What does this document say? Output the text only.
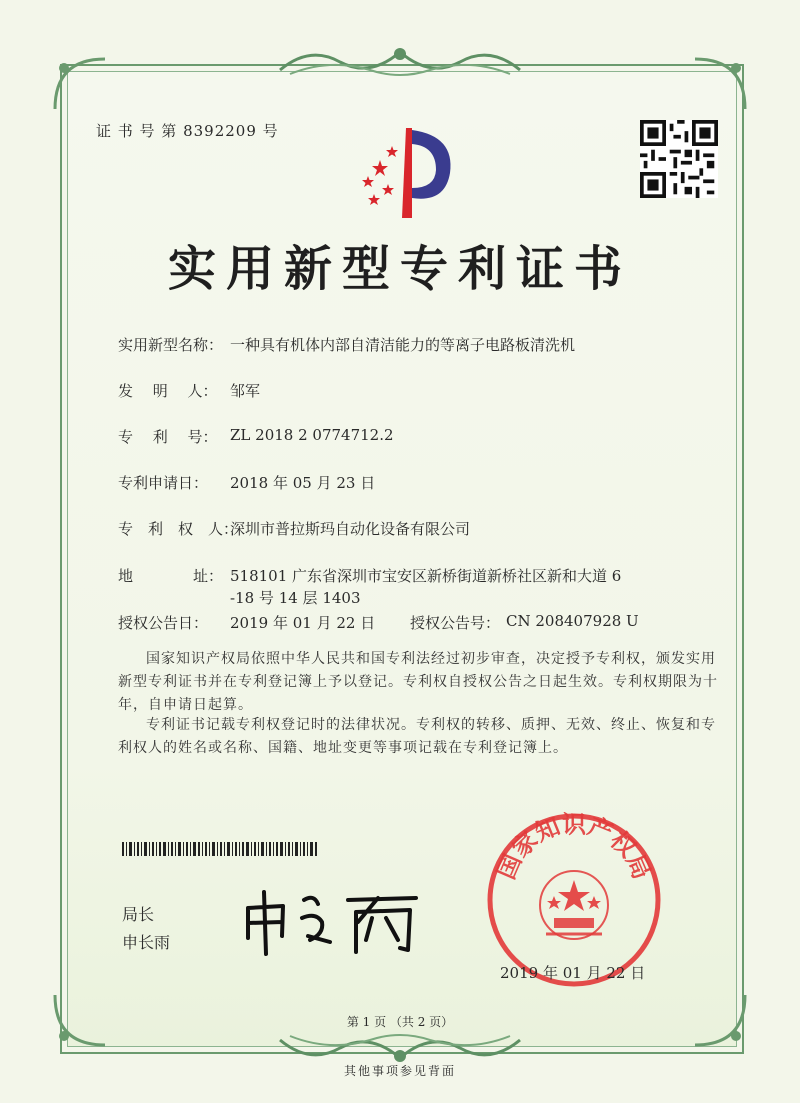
证 书 号 第 8392209 号
实用新型专利证书
实用新型名称： 一种具有机体内部自清洁能力的等离子电路板清洗机
发　 明　 人： 邹军
专　 利　 号： ZL 2018 2 0774712.2
专利申请日：	2018 年 05 月 23 日
专　利　权　人：
深圳市普拉斯玛自动化设备有限公司
地　　　　址： 518101 广东省深圳市宝安区新桥街道新桥社区新和大道 6
-18 号 14 层 1403
授权公告日：	2019 年 01 月 22 日 授权公告号： CN 208407928 U
国家知识产权局依照中华人民共和国专利法经过初步审查，决定授予专利权，颁发实用新型专利证书并在专利登记簿上予以登记。专利权自授权公告之日起生效。专利权期限为十年，自申请日起算。
专利证书记载专利权登记时的法律状况。专利权的转移、质押、无效、终止、恢复和专利权人的姓名或名称、国籍、地址变更等事项记载在专利登记簿上。
局长
申长雨
国家知识产权局
2019 年 01 月 22 日
第 1 页 （共 2 页）
其他事项参见背面
